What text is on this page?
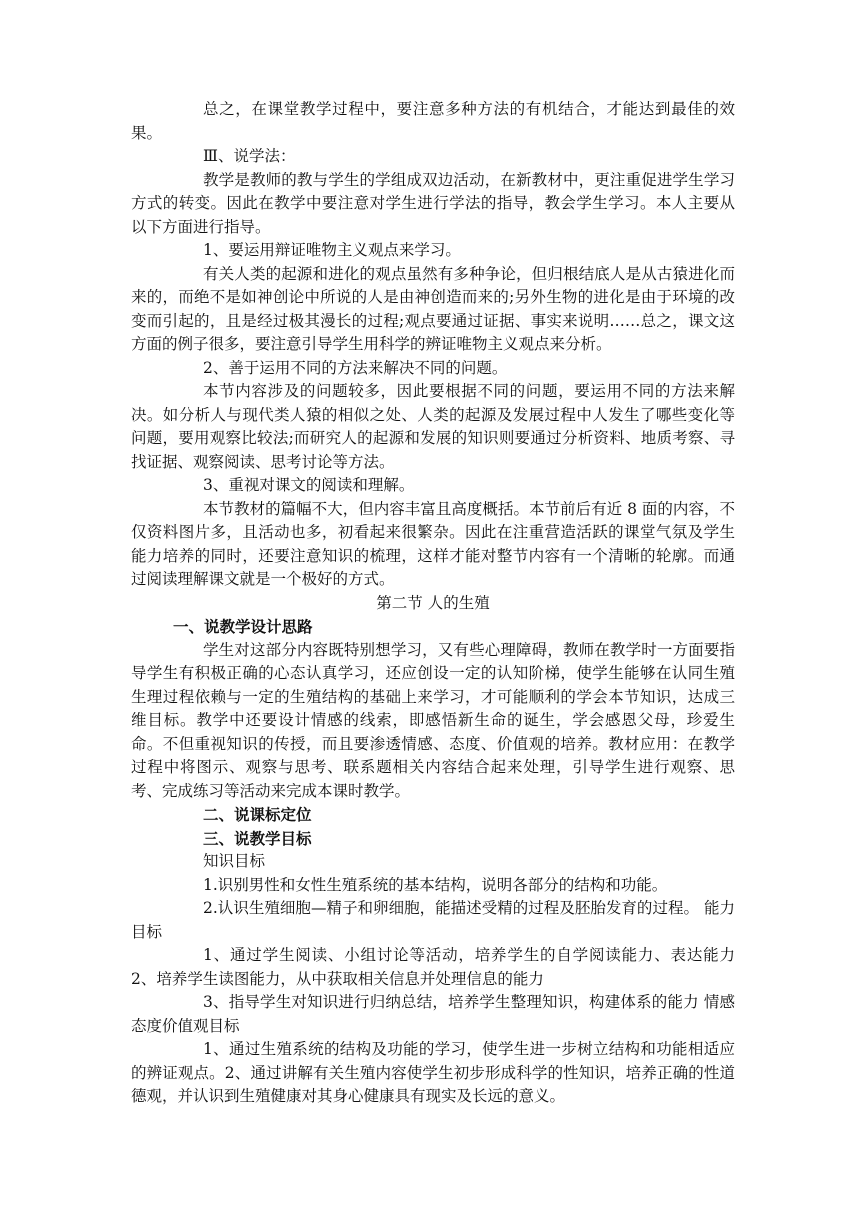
总之，在课堂教学过程中，要注意多种方法的有机结合，才能达到最佳的效果。

Ⅲ、说学法：

教学是教师的教与学生的学组成双边活动，在新教材中，更注重促进学生学习方式的转变。因此在教学中要注意对学生进行学法的指导，教会学生学习。本人主要从以下方面进行指导。

1、要运用辩证唯物主义观点来学习。

有关人类的起源和进化的观点虽然有多种争论，但归根结底人是从古猿进化而来的，而绝不是如神创论中所说的人是由神创造而来的;另外生物的进化是由于环境的改变而引起的，且是经过极其漫长的过程;观点要通过证据、事实来说明……总之，课文这方面的例子很多，要注意引导学生用科学的辨证唯物主义观点来分析。

2、善于运用不同的方法来解决不同的问题。

本节内容涉及的问题较多，因此要根据不同的问题，要运用不同的方法来解决。如分析人与现代类人猿的相似之处、人类的起源及发展过程中人发生了哪些变化等问题，要用观察比较法;而研究人的起源和发展的知识则要通过分析资料、地质考察、寻找证据、观察阅读、思考讨论等方法。

3、重视对课文的阅读和理解。

本节教材的篇幅不大，但内容丰富且高度概括。本节前后有近 8 面的内容，不仅资料图片多，且活动也多，初看起来很繁杂。因此在注重营造活跃的课堂气氛及学生能力培养的同时，还要注意知识的梳理，这样才能对整节内容有一个清晰的轮廓。而通过阅读理解课文就是一个极好的方式。

第二节 人的生殖

一、说教学设计思路

学生对这部分内容既特别想学习，又有些心理障碍，教师在教学时一方面要指导学生有积极正确的心态认真学习，还应创设一定的认知阶梯，使学生能够在认同生殖生理过程依赖与一定的生殖结构的基础上来学习，才可能顺利的学会本节知识，达成三维目标。教学中还要设计情感的线索，即感悟新生命的诞生，学会感恩父母，珍爱生命。不但重视知识的传授，而且要渗透情感、态度、价值观的培养。教材应用：在教学过程中将图示、观察与思考、联系题相关内容结合起来处理，引导学生进行观察、思考、完成练习等活动来完成本课时教学。

二、说课标定位

三、说教学目标

知识目标

1.识别男性和女性生殖系统的基本结构，说明各部分的结构和功能。

2.认识生殖细胞—精子和卵细胞，能描述受精的过程及胚胎发育的过程。 能力目标

1、通过学生阅读、小组讨论等活动，培养学生的自学阅读能力、表达能力 2、培养学生读图能力，从中获取相关信息并处理信息的能力

3、指导学生对知识进行归纳总结，培养学生整理知识，构建体系的能力 情感态度价值观目标

1、通过生殖系统的结构及功能的学习，使学生进一步树立结构和功能相适应的辨证观点。2、通过讲解有关生殖内容使学生初步形成科学的性知识，培养正确的性道德观，并认识到生殖健康对其身心健康具有现实及长远的意义。
